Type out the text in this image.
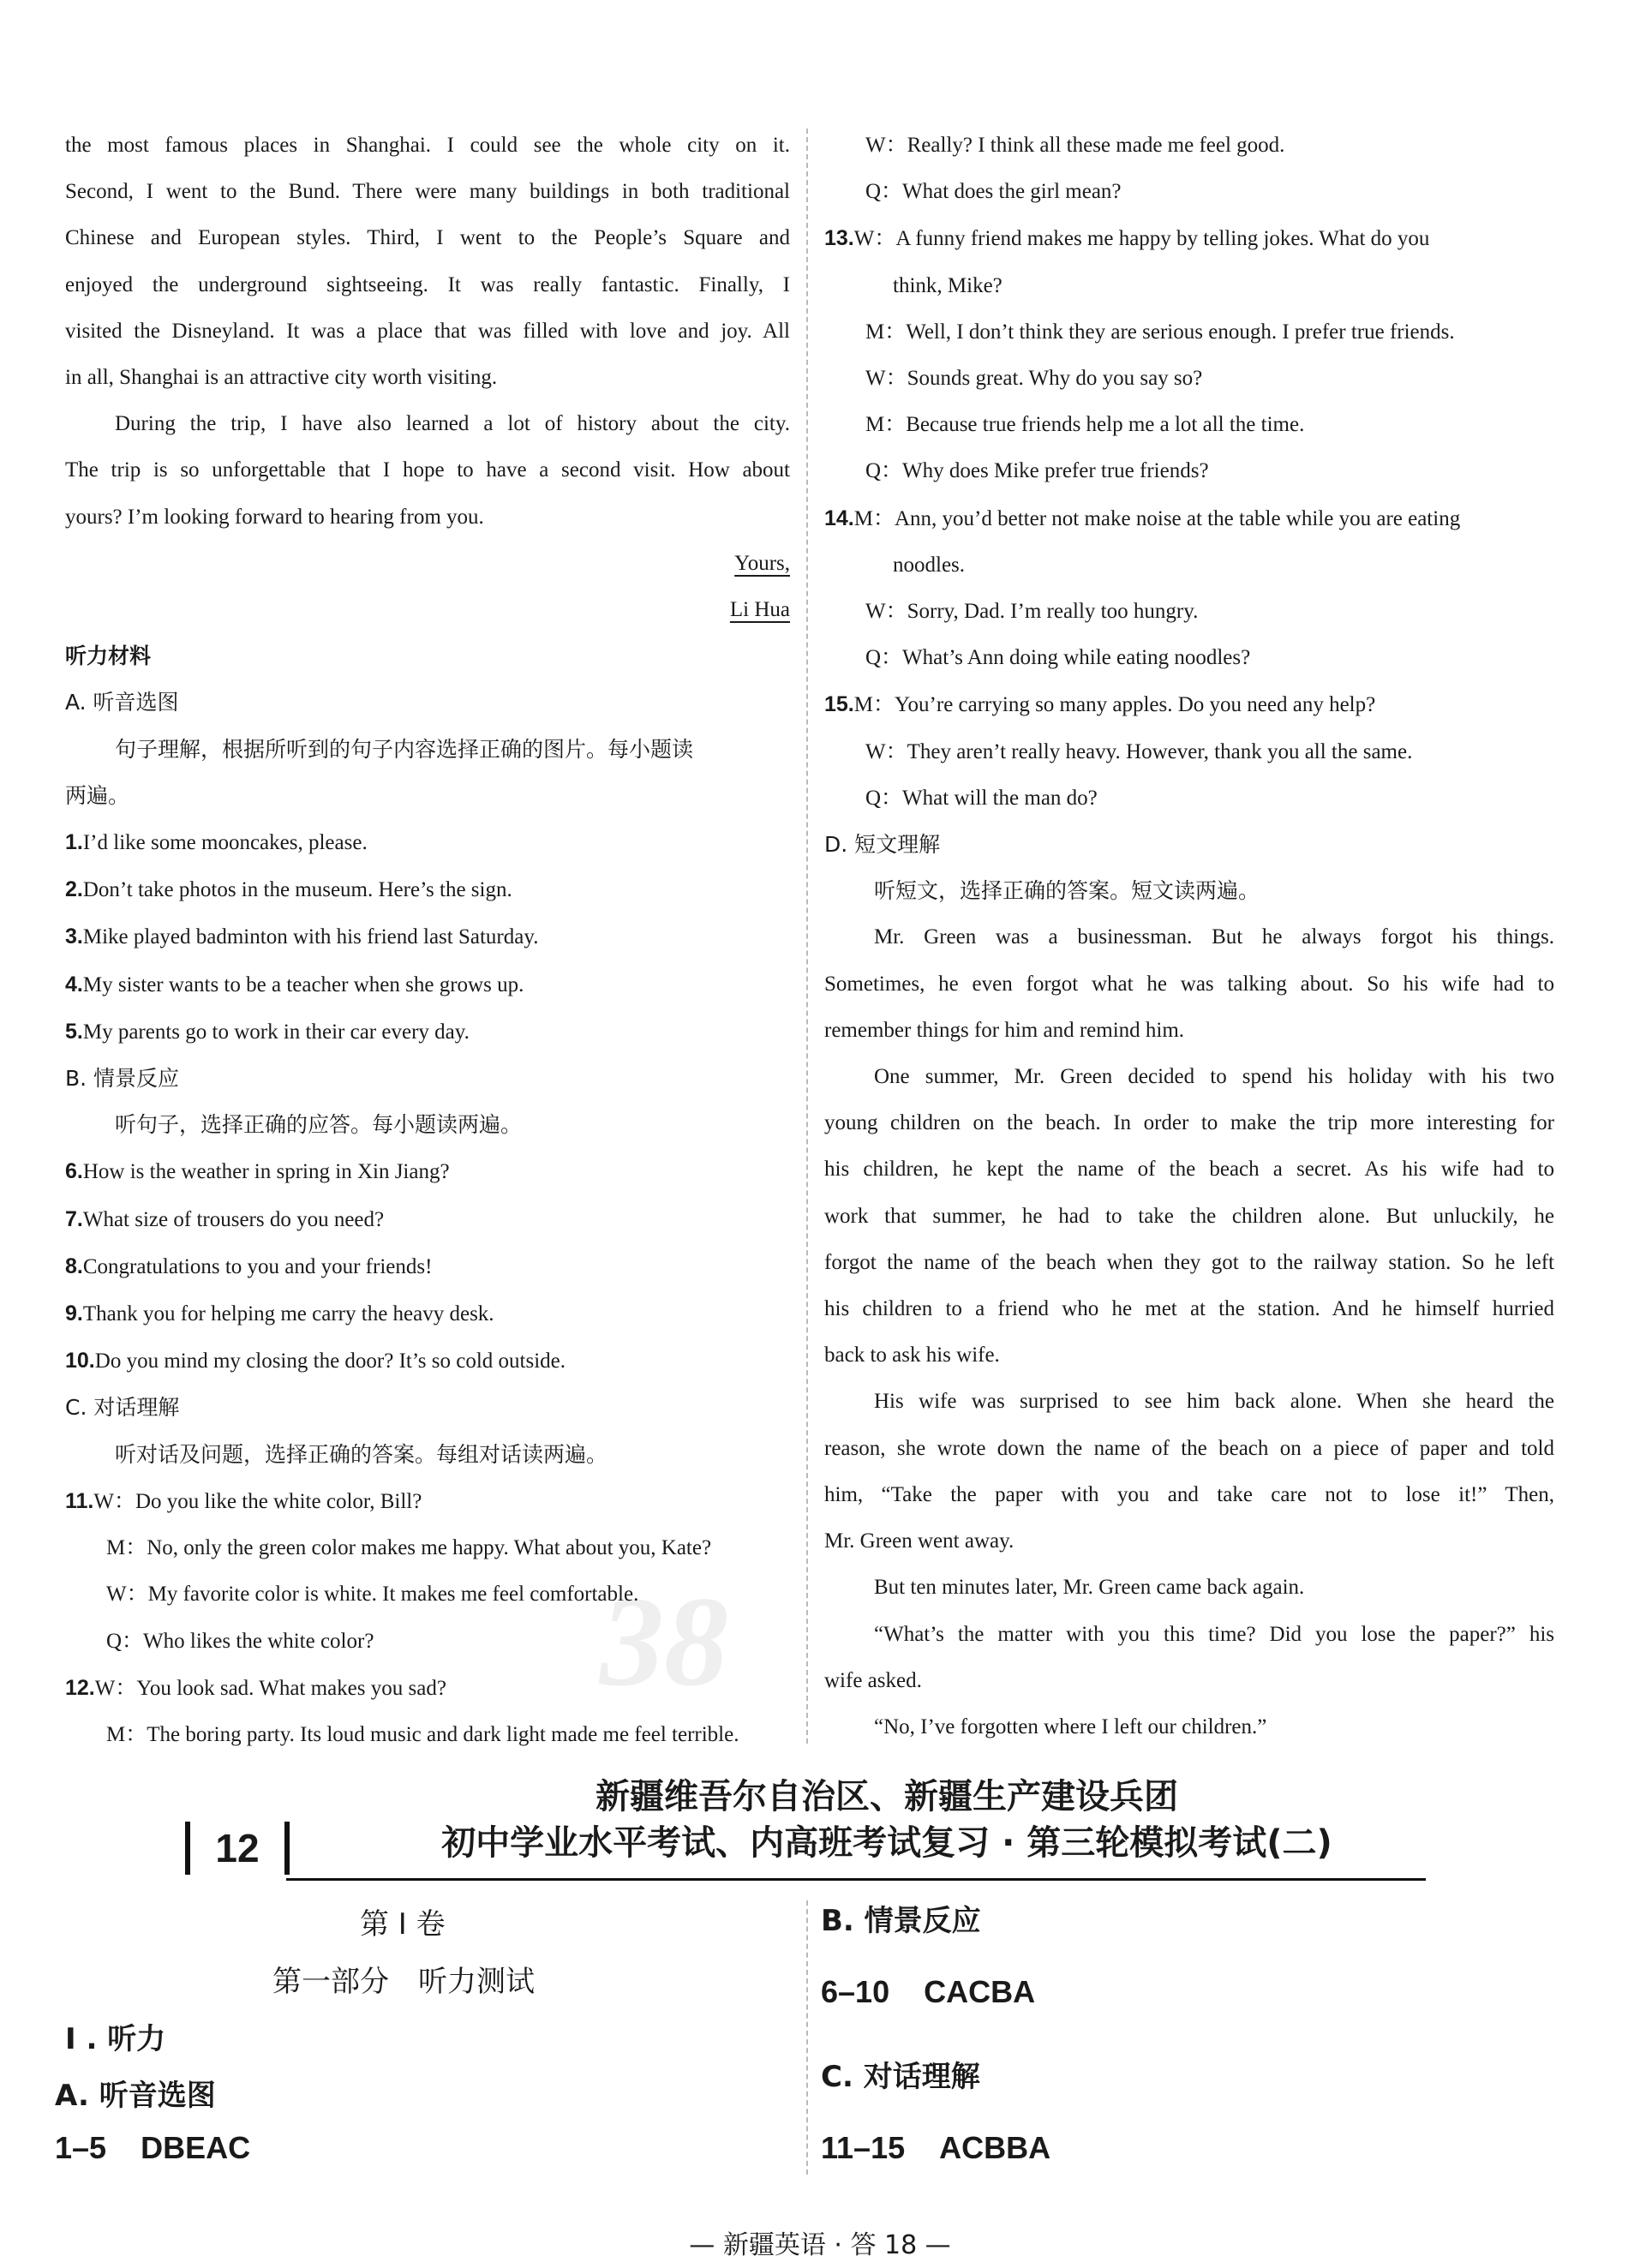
38

the most famous places in Shanghai. I could see the whole city on it.

Second, I went to the Bund. There were many buildings in both traditional

Chinese and European styles. Third, I went to the People’s Square and

enjoyed the underground sightseeing. It was really fantastic. Finally, I

visited the Disneyland. It was a place that was filled with love and joy. All

in all, Shanghai is an attractive city worth visiting.

During the trip, I have also learned a lot of history about the city.

The trip is so unforgettable that I hope to have a second visit. How about

yours? I’m looking forward to hearing from you.

Yours,

Li Hua

听力材料

A. 听音选图

句子理解，根据所听到的句子内容选择正确的图片。每小题读

两遍。

1.I’d like some mooncakes, please.

2.Don’t take photos in the museum. Here’s the sign.

3.Mike played badminton with his friend last Saturday.

4.My sister wants to be a teacher when she grows up.

5.My parents go to work in their car every day.

B. 情景反应

听句子，选择正确的应答。每小题读两遍。

6.How is the weather in spring in Xin Jiang?

7.What size of trousers do you need?

8.Congratulations to you and your friends!

9.Thank you for helping me carry the heavy desk.

10.Do you mind my closing the door? It’s so cold outside.

C. 对话理解

听对话及问题，选择正确的答案。每组对话读两遍。

11.W：Do you like the white color, Bill?

M：No, only the green color makes me happy. What about you, Kate?

W：My favorite color is white. It makes me feel comfortable.

Q：Who likes the white color?

12.W：You look sad. What makes you sad?

M：The boring party. Its loud music and dark light made me feel terrible.

W：Really? I think all these made me feel good.

Q：What does the girl mean?

13.W：A funny friend makes me happy by telling jokes. What do you

think, Mike?

M：Well, I don’t think they are serious enough. I prefer true friends.

W：Sounds great. Why do you say so?

M：Because true friends help me a lot all the time.

Q：Why does Mike prefer true friends?

14.M：Ann, you’d better not make noise at the table while you are eating

noodles.

W：Sorry, Dad. I’m really too hungry.

Q：What’s Ann doing while eating noodles?

15.M：You’re carrying so many apples. Do you need any help?

W：They aren’t really heavy. However, thank you all the same.

Q：What will the man do?

D. 短文理解

听短文，选择正确的答案。短文读两遍。

Mr. Green was a businessman. But he always forgot his things.

Sometimes, he even forgot what he was talking about. So his wife had to

remember things for him and remind him.

One summer, Mr. Green decided to spend his holiday with his two

young children on the beach. In order to make the trip more interesting for

his children, he kept the name of the beach a secret. As his wife had to

work that summer, he had to take the children alone. But unluckily, he

forgot the name of the beach when they got to the railway station. So he left

his children to a friend who he met at the station. And he himself hurried

back to ask his wife.

His wife was surprised to see him back alone. When she heard the

reason, she wrote down the name of the beach on a piece of paper and told

him, “Take the paper with you and take care not to lose it!” Then,

Mr. Green went away.

But ten minutes later, Mr. Green came back again.

“What’s the matter with you this time? Did you lose the paper?” his

wife asked.

“No, I’ve forgotten where I left our children.”

12
新疆维吾尔自治区、新疆生产建设兵团
初中学业水平考试、内高班考试复习 · 第三轮模拟考试(二)

第 I 卷

第一部分　听力测试

I . 听力

A. 听音选图

1–5 DBEAC

B. 情景反应

6–10 CACBA

C. 对话理解

11–15 ACBBA

— 新疆英语 · 答 18 —
